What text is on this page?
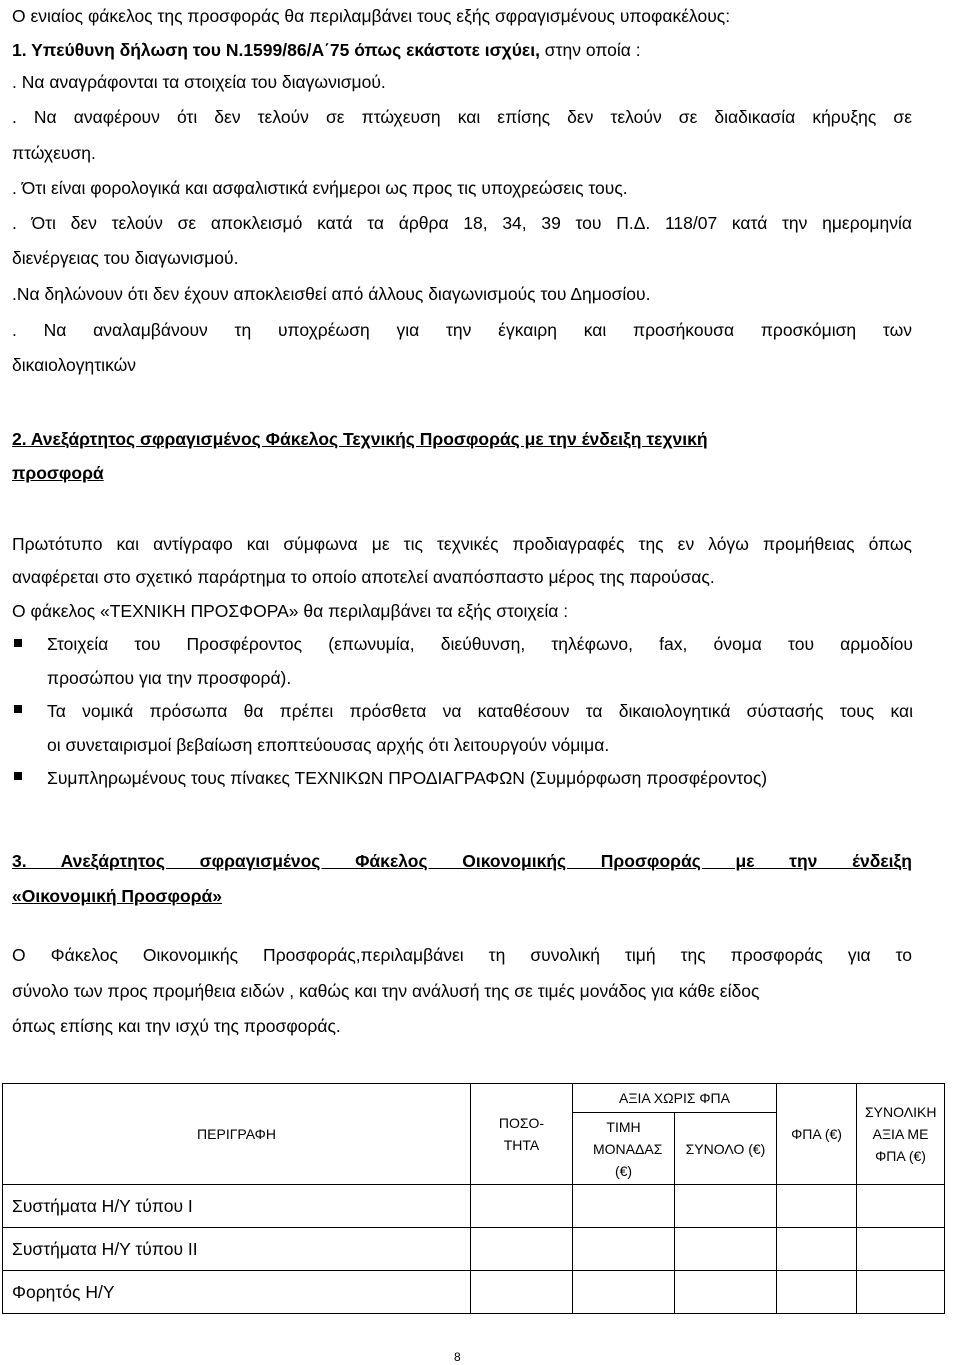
Ο ενιαίος φάκελος της προσφοράς θα περιλαμβάνει τους εξής σφραγισμένους υποφακέλους:
1. Υπεύθυνη δήλωση του Ν.1599/86/Α΄75 όπως εκάστοτε ισχύει, στην οποία :
. Να αναγράφονται τα στοιχεία του διαγωνισμού.
. Να αναφέρουν ότι δεν τελούν σε πτώχευση και επίσης δεν τελούν σε διαδικασία κήρυξης σε
πτώχευση.
. Ότι είναι φορολογικά και ασφαλιστικά ενήμεροι ως προς τις υποχρεώσεις τους.
. Ότι δεν τελούν σε αποκλεισμό κατά τα άρθρα 18, 34, 39 του Π.Δ. 118/07 κατά την ημερομηνία
διενέργειας του διαγωνισμού.
.Να δηλώνουν ότι δεν έχουν αποκλεισθεί από άλλους διαγωνισμούς του Δημοσίου.
. Να αναλαμβάνουν τη υποχρέωση για την έγκαιρη και προσήκουσα προσκόμιση των
δικαιολογητικών
2. Ανεξάρτητος σφραγισμένος Φάκελος Τεχνικής Προσφοράς με την ένδειξη τεχνική
προσφορά
Πρωτότυπο και αντίγραφο και σύμφωνα με τις τεχνικές προδιαγραφές της εν λόγω προμήθειας όπως
αναφέρεται στο σχετικό παράρτημα το οποίο αποτελεί αναπόσπαστο μέρος της παρούσας.
Ο φάκελος «ΤΕΧΝΙΚΗ ΠΡΟΣΦΟΡΑ» θα περιλαμβάνει τα εξής στοιχεία :
Στοιχεία του Προσφέροντος (επωνυμία, διεύθυνση, τηλέφωνο, fax, όνομα του αρμοδίου
προσώπου για την προσφορά).
Τα νομικά πρόσωπα θα πρέπει πρόσθετα να καταθέσουν τα δικαιολογητικά σύστασής τους και
οι συνεταιρισμοί βεβαίωση εποπτεύουσας αρχής ότι λειτουργούν νόμιμα.
Συμπληρωμένους τους πίνακες ΤΕΧΝΙΚΩΝ ΠΡΟΔΙΑΓΡΑΦΩΝ (Συμμόρφωση προσφέροντος)
3. Ανεξάρτητος σφραγισμένος Φάκελος Οικονομικής Προσφοράς με την ένδειξη
«Οικονομική Προσφορά»
Ο Φάκελος Οικονομικής Προσφοράς,περιλαμβάνει τη συνολική τιμή της προσφοράς για το
σύνολο των προς προμήθεια ειδών , καθώς και την ανάλυσή της σε τιμές μονάδος για κάθε είδος
όπως επίσης και την ισχύ της προσφοράς.
ΠΕΡΙΓΡΑΦΗ	ΠΟΣΟ-ΤΗΤΑ	ΑΞΙΑ ΧΩΡΙΣ ΦΠΑ		ΦΠΑ (€)	ΣΥΝΟΛΙΚΗ ΑΞΙΑ ΜΕ ΦΠΑ (€)
		ΤΙΜΗ ΜΟΝΑΔΑΣ (€)	ΣΥΝΟΛΟ (€)		
Συστήματα Η/Υ τύπου Ι					
Συστήματα Η/Υ τύπου ΙΙ					
Φορητός Η/Υ					
8
